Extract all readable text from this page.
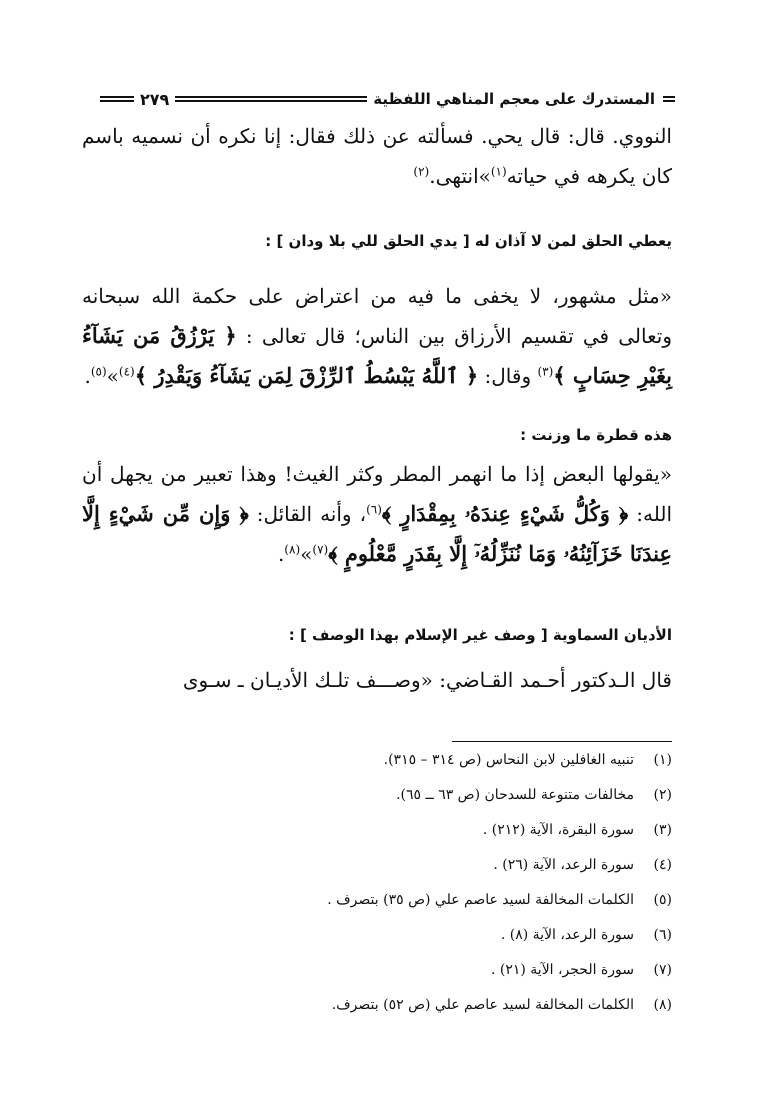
المستدرك على معجم المناهي اللفظية
٢٧٩

النووي. قال: قال يحي. فسألته عن ذلك فقال: إنا نكره أن نسميه باسم كان يكرهه في حياته$^{(١)}$»انتهى.$^{(٢)}$

يعطي الحلق لمن لا آذان له [ يدي الحلق للي بلا ودان ] :

«مثل مشهور، لا يخفى ما فيه من اعتراض على حكمة الله سبحانه وتعالى في تقسيم الأرزاق بين الناس؛ قال تعالى : ﴿ يَرْزُقُ مَن يَشَآءُ بِغَيْرِ حِسَابٍ ﴾$^{(٣)}$ وقال: ﴿ ٱللَّهُ يَبْسُطُ ٱلرِّزْقَ لِمَن يَشَآءُ وَيَقْدِرُ ﴾$^{(٤)}$»$^{(٥)}$.

هذه قطرة ما وزنت :

«يقولها البعض إذا ما انهمر المطر وكثر الغيث! وهذا تعبير من يجهل أن الله: ﴿ وَكُلُّ شَيْءٍ عِندَهُۥ بِمِقْدَارٍ ﴾$^{(٦)}$، وأنه القائل: ﴿ وَإِن مِّن شَيْءٍ إِلَّا عِندَنَا خَزَآئِنُهُۥ وَمَا نُنَزِّلُهُۥٓ إِلَّا بِقَدَرٍ مَّعْلُومٍ ﴾$^{(٧)}$»$^{(٨)}$.

الأديان السماوية [ وصف غير الإسلام بهذا الوصف ] :

قال الـدكتور أحـمد القـاضي: «وصـــف تلـك الأديـان ـ سـوى

(١)
تنبيه الغافلين لابن النحاس (ص ٣١٤ – ٣١٥).
(٢)
مخالفات متنوعة للسدحان (ص ٦٣ ــ ٦٥).
(٣)
سورة البقرة، الآية (٢١٢) .
(٤)
سورة الرعد، الآية (٢٦) .
(٥)
الكلمات المخالفة لسيد عاصم علي (ص ٣٥) بتصرف .
(٦)
سورة الرعد، الآية (٨) .
(٧)
سورة الحجر، الآية (٢١) .
(٨)
الكلمات المخالفة لسيد عاصم علي (ص ٥٢) بتصرف.
